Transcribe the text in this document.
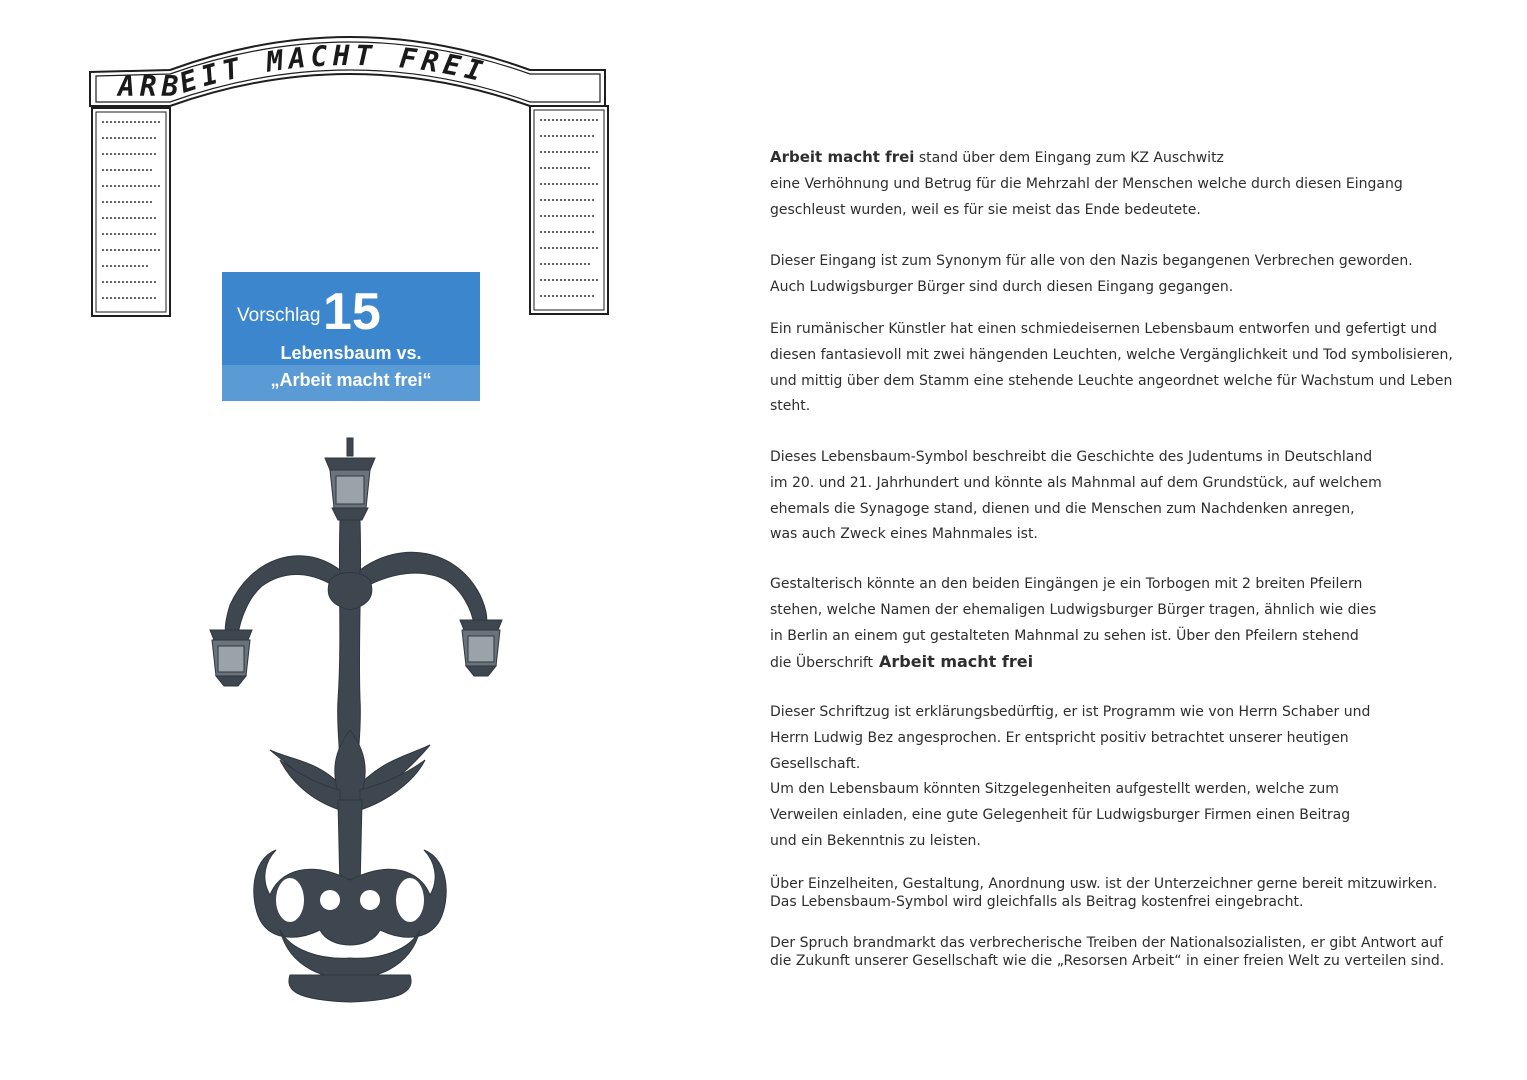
ARBEIT MACHT FREI
Vorschlag 15
Lebensbaum vs.
„Arbeit macht frei“

Arbeit macht frei stand über dem Eingang zum KZ Auschwitz
eine Verhöhnung und Betrug für die Mehrzahl der Menschen welche durch diesen Eingang
geschleust wurden, weil es für sie meist das Ende bedeutete.

Dieser Eingang ist zum Synonym für alle von den Nazis begangenen Verbrechen geworden.
Auch Ludwigsburger Bürger sind durch diesen Eingang gegangen.

Ein rumänischer Künstler hat einen schmiedeisernen Lebensbaum entworfen und gefertigt und
diesen fantasievoll mit zwei hängenden Leuchten, welche Vergänglichkeit und Tod symbolisieren,
und mittig über dem Stamm eine stehende Leuchte angeordnet welche für Wachstum und Leben
steht.

Dieses Lebensbaum-Symbol beschreibt die Geschichte des Judentums in Deutschland
im 20. und 21. Jahrhundert und könnte als Mahnmal auf dem Grundstück, auf welchem
ehemals die Synagoge stand, dienen und die Menschen zum Nachdenken anregen,
was auch Zweck eines Mahnmales ist.

Gestalterisch könnte an den beiden Eingängen je ein Torbogen mit 2 breiten Pfeilern
stehen, welche Namen der ehemaligen Ludwigsburger Bürger tragen, ähnlich wie dies
in Berlin an einem gut gestalteten Mahnmal zu sehen ist. Über den Pfeilern stehend
die Überschrift Arbeit macht frei

Dieser Schriftzug ist erklärungsbedürftig, er ist Programm wie von Herrn Schaber und
Herrn Ludwig Bez angesprochen. Er entspricht positiv betrachtet unserer heutigen
Gesellschaft.
Um den Lebensbaum könnten Sitzgelegenheiten aufgestellt werden, welche zum
Verweilen einladen, eine gute Gelegenheit für Ludwigsburger Firmen einen Beitrag
und ein Bekenntnis zu leisten.

Über Einzelheiten, Gestaltung, Anordnung usw. ist der Unterzeichner gerne bereit mitzuwirken.
Das Lebensbaum-Symbol wird gleichfalls als Beitrag kostenfrei eingebracht.

Der Spruch brandmarkt das verbrecherische Treiben der Nationalsozialisten, er gibt Antwort auf
die Zukunft unserer Gesellschaft wie die „Resorsen Arbeit“ in einer freien Welt zu verteilen sind.
